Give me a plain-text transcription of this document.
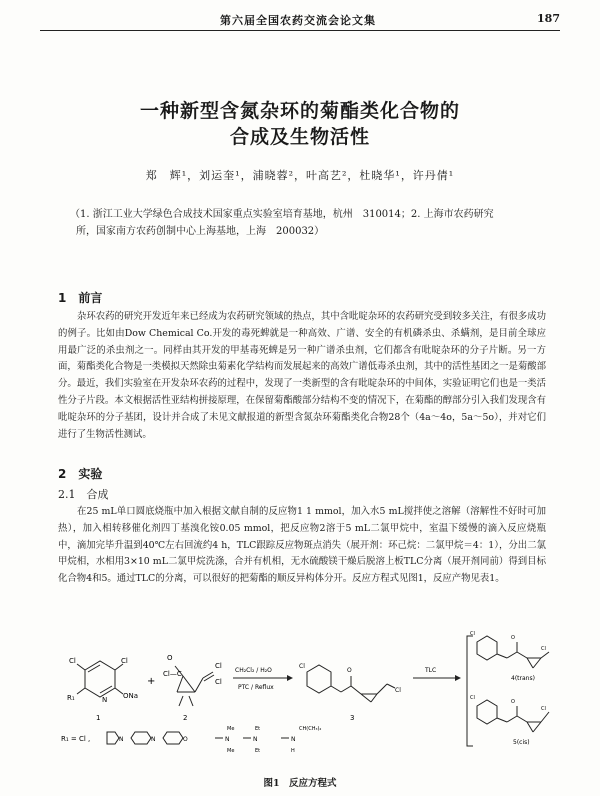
第六届全国农药交流会论文集	187
一种新型含氮杂环的菊酯类化合物的
合成及生物活性
郑　辉¹，刘运奎¹，浦晓蓉²，叶高艺²，杜晓华¹，许丹倩¹
（1. 浙江工业大学绿色合成技术国家重点实验室培育基地，杭州　310014；2. 上海市农药研究
所，国家南方农药创制中心上海基地，上海　200032）
1　前言
杂环农药的研究开发近年来已经成为农药研究领域的热点，其中含吡啶杂环的农药研究受到较多关注，有很多成功的例子。比如由Dow Chemical Co.开发的毒死蜱就是一种高效、广谱、安全的有机磷杀虫、杀螨剂，是目前全球应用最广泛的杀虫剂之一。同样由其开发的甲基毒死蜱是另一种广谱杀虫剂，它们都含有吡啶杂环的分子片断。另一方面，菊酯类化合物是一类模拟天然除虫菊素化学结构而发展起来的高效广谱低毒杀虫剂，其中的活性基团之一是菊酸部分。最近，我们实验室在开发杂环农药的过程中，发现了一类新型的含有吡啶杂环的中间体，实验证明它们也是一类活性分子片段。本文根据活性亚结构拼接原理，在保留菊酯酸部分结构不变的情况下，在菊酯的醇部分引入我们发现含有吡啶杂环的分子基团，设计并合成了未见文献报道的新型含氮杂环菊酯类化合物28个（4a～4o，5a～5o），并对它们进行了生物活性测试。
2　实验
2.1　合成
在25 mL单口圆底烧瓶中加入根据文献自制的反应物1 1 mmol，加入水5 mL搅拌使之溶解（溶解性不好时可加热），加入相转移催化剂四丁基溴化铵0.05 mmol，把反应物2溶于5 mL二氯甲烷中，室温下缓慢的滴入反应烧瓶中，滴加完毕升温到40℃左右回流约4 h，TLC跟踪反应物斑点消失（展开剂：环己烷：二氯甲烷＝4：1），分出二氯甲烷相，水相用3×10 mL二氯甲烷洗涤，合并有机相，无水硫酸镁干燥后脱溶上板TLC分离（展开剂同前）得到目标化合物4和5。通过TLC的分离，可以很好的把菊酯的顺反异构体分开。反应方程式见图1，反应产物见表1。
Cl	Cl
R₁	N ONa
1
+
O
Cl—C
Cl
Cl
2
CH₂Cl₂ / H₂O
PTC / Reflux
Cl
O
Cl
3
TLC
Cl
O
Cl
4(trans)
Cl
O
Cl
5(cis)
R₁ = Cl ,	N	N	O	N
Me
Me
N
Et
Et
N
H
CH(CH₃)₂
图1　反应方程式
